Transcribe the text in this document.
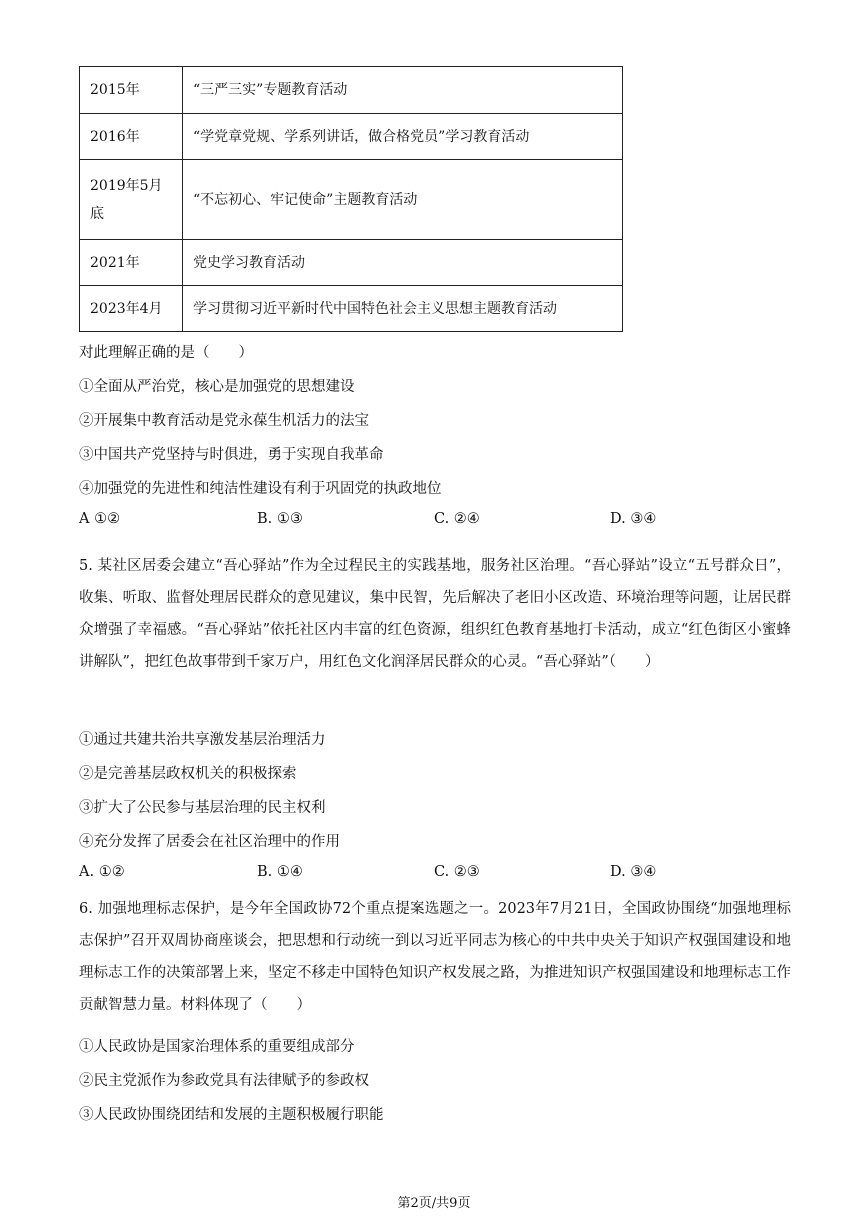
2015年	“三严三实”专题教育活动
2016年	“学党章党规、学系列讲话，做合格党员”学习教育活动
2019年5月底	“不忘初心、牢记使命”主题教育活动
2021年	党史学习教育活动
2023年4月	学习贯彻习近平新时代中国特色社会主义思想主题教育活动
对此理解正确的是（　　）
①全面从严治党，核心是加强党的思想建设
②开展集中教育活动是党永葆生机活力的法宝
③中国共产党坚持与时俱进，勇于实现自我革命
④加强党的先进性和纯洁性建设有利于巩固党的执政地位
A ①②	B. ①③	C. ②④	D. ③④
5. 某社区居委会建立“吾心驿站”作为全过程民主的实践基地，服务社区治理。“吾心驿站”设立“五号群众日”，收集、听取、监督处理居民群众的意见建议，集中民智，先后解决了老旧小区改造、环境治理等问题，让居民群众增强了幸福感。“吾心驿站”依托社区内丰富的红色资源，组织红色教育基地打卡活动，成立“红色街区小蜜蜂讲解队”，把红色故事带到千家万户，用红色文化润泽居民群众的心灵。“吾心驿站”（　　）
①通过共建共治共享激发基层治理活力
②是完善基层政权机关的积极探索
③扩大了公民参与基层治理的民主权利
④充分发挥了居委会在社区治理中的作用
A. ①②	B. ①④	C. ②③	D. ③④
6. 加强地理标志保护，是今年全国政协72个重点提案选题之一。2023年7月21日，全国政协围绕“加强地理标志保护”召开双周协商座谈会，把思想和行动统一到以习近平同志为核心的中共中央关于知识产权强国建设和地理标志工作的决策部署上来，坚定不移走中国特色知识产权发展之路，为推进知识产权强国建设和地理标志工作贡献智慧力量。材料体现了（　　）
①人民政协是国家治理体系的重要组成部分
②民主党派作为参政党具有法律赋予的参政权
③人民政协围绕团结和发展的主题积极履行职能
第2页/共9页
